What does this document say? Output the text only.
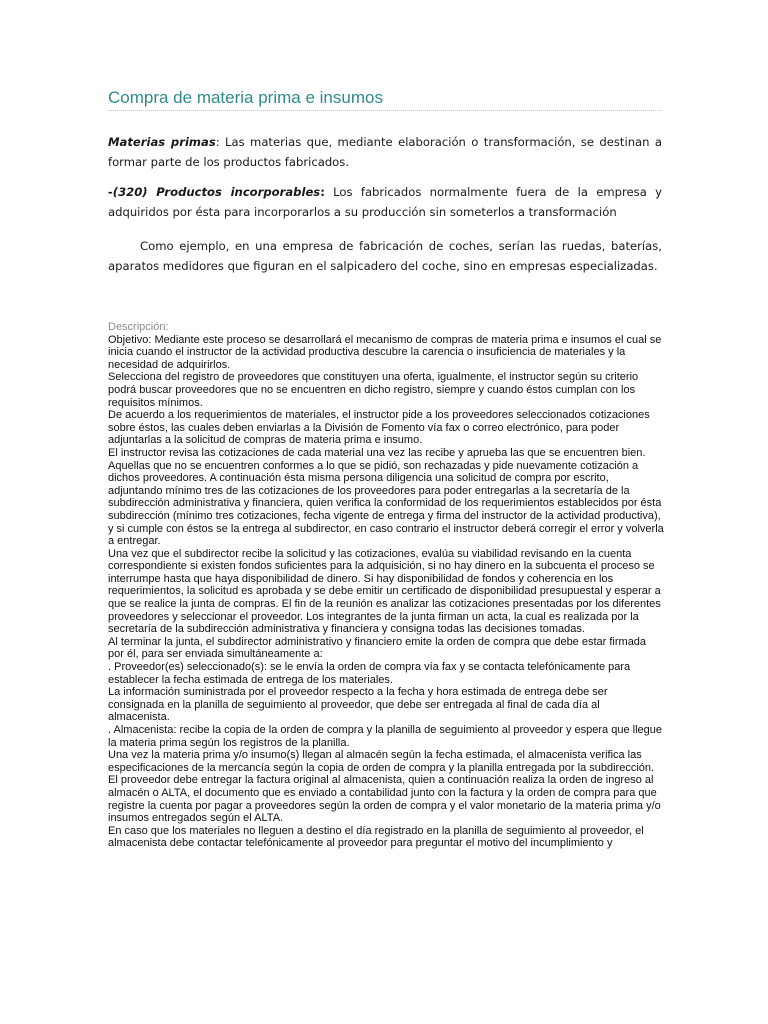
Compra de materia prima e insumos

Materias primas: Las materias que, mediante elaboración o transformación, se destinan a formar parte de los productos fabricados.

-(320) Productos incorporables: Los fabricados normalmente fuera de la empresa y adquiridos por ésta para incorporarlos a su producción sin someterlos a transformación

Como ejemplo, en una empresa de fabricación de coches, serían las ruedas, baterías, aparatos medidores que figuran en el salpicadero del coche, sino en empresas especializadas.

Descripción:

Objetivo: Mediante este proceso se desarrollará el mecanismo de compras de materia prima e insumos el cual se inicia cuando el instructor de la actividad productiva descubre la carencia o insuficiencia de materiales y la necesidad de adquirirlos.

Selecciona del registro de proveedores que constituyen una oferta, igualmente, el instructor según su criterio podrá buscar proveedores que no se encuentren en dicho registro, siempre y cuando éstos cumplan con los requisitos mínimos.

De acuerdo a los requerimientos de materiales, el instructor pide a los proveedores seleccionados cotizaciones sobre éstos, las cuales deben enviarlas a la División de Fomento vía fax o correo electrónico, para poder adjuntarlas a la solicitud de compras de materia prima e insumo.

El instructor revisa las cotizaciones de cada material una vez las recibe y aprueba las que se encuentren bien. Aquellas que no se encuentren conformes a lo que se pidió, son rechazadas y pide nuevamente cotización a dichos proveedores. A continuación ésta misma persona diligencia una solicitud de compra por escrito, adjuntando mínimo tres de las cotizaciones de los proveedores para poder entregarlas a la secretaría de la subdirección administrativa y financiera, quien verifica la conformidad de los requerimientos establecidos por ésta subdirección (mínimo tres cotizaciones, fecha vigente de entrega y firma del instructor de la actividad productiva), y si cumple con éstos se la entrega al subdirector, en caso contrario el instructor deberá corregir el error y volverla a entregar.

Una vez que el subdirector recibe la solicitud y las cotizaciones, evalúa su viabilidad revisando en la cuenta correspondiente si existen fondos suficientes para la adquisición, si no hay dinero en la subcuenta el proceso se interrumpe hasta que haya disponibilidad de dinero. Si hay disponibilidad de fondos y coherencia en los requerimientos, la solicitud es aprobada y se debe emitir un certificado de disponibilidad presupuestal y esperar a que se realice la junta de compras. El fin de la reunión es analizar las cotizaciones presentadas por los diferentes proveedores y seleccionar el proveedor. Los integrantes de la junta firman un acta, la cual es realizada por la secretaría de la subdirección administrativa y financiera y consigna todas las decisiones tomadas.

Al terminar la junta, el subdirector administrativo y financiero emite la orden de compra que debe estar firmada por él, para ser enviada simultáneamente a:

. Proveedor(es) seleccionado(s): se le envía la orden de compra vía fax y se contacta telefónicamente para establecer la fecha estimada de entrega de los materiales.

La información suministrada por el proveedor respecto a la fecha y hora estimada de entrega debe ser consignada en la planilla de seguimiento al proveedor, que debe ser entregada al final de cada día al almacenista.

. Almacenista: recibe la copia de la orden de compra y la planilla de seguimiento al proveedor y espera que llegue la materia prima según los registros de la planilla.

Una vez la materia prima y/o insumo(s) llegan al almacén según la fecha estimada, el almacenista verifica las especificaciones de la mercancía según la copia de orden de compra y la planilla entregada por la subdirección.

El proveedor debe entregar la factura original al almacenista, quien a continuación realiza la orden de ingreso al almacén o ALTA, el documento que es enviado a contabilidad junto con la factura y la orden de compra para que registre la cuenta por pagar a proveedores según la orden de compra y el valor monetario de la materia prima y/o insumos entregados según el ALTA.

En caso que los materiales no lleguen a destino el día registrado en la planilla de seguimiento al proveedor, el almacenista debe contactar telefónicamente al proveedor para preguntar el motivo del incumplimiento y
